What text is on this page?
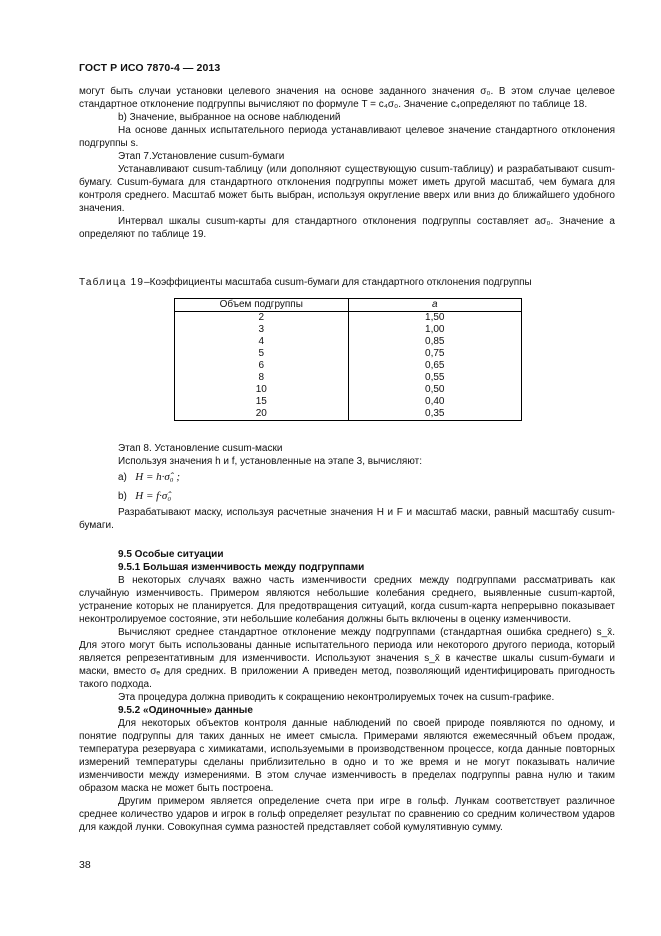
ГОСТ Р ИСО 7870-4 — 2013

могут быть случаи установки целевого значения на основе заданного значения σ₀. В этом случае целевое стандартное отклонение подгруппы вычисляют по формуле T = c₄σ₀. Значение c₄определяют по таблице 18.

b) Значение, выбранное на основе наблюдений

На основе данных испытательного периода устанавливают целевое значение стандартного отклонения подгруппы s.

Этап 7.Установление cusum-бумаги

Устанавливают cusum-таблицу (или дополняют существующую cusum-таблицу) и разрабатывают cusum-бумагу. Cusum-бумага для стандартного отклонения подгруппы может иметь другой масштаб, чем бумага для контроля среднего. Масштаб может быть выбран, используя округление вверх или вниз до ближайшего удобного значения.

Интервал шкалы cusum-карты для стандартного отклонения подгруппы составляет aσ₀. Значение a определяют по таблице 19.

Таблица 19–Коэффициенты масштаба cusum-бумаги для стандартного отклонения подгруппы
Объем подгруппы	a
2	1,50
3	1,00
4	0,85
5	0,75
6	0,65
8	0,55
10	0,50
15	0,40
20	0,35

Этап 8. Установление cusum-маски

Используя значения h и f, установленные на этапе 3, вычисляют:

a) H = h·σ̂₀ ;

b) H = f·σ̂₀

Разрабатывают маску, используя расчетные значения H и F и масштаб маски, равный масштабу cusum-бумаги.

9.5 Особые ситуации

9.5.1 Большая изменчивость между подгруппами

В некоторых случаях важно часть изменчивости средних между подгруппами рассматривать как случайную изменчивость. Примером являются небольшие колебания среднего, выявленные cusum-картой, устранение которых не планируется. Для предотвращения ситуаций, когда cusum-карта непрерывно показывает неконтролируемое состояние, эти небольшие колебания должны быть включены в оценку изменчивости.

Вычисляют среднее стандартное отклонение между подгруппами (стандартная ошибка среднего) s_x̄. Для этого могут быть использованы данные испытательного периода или некоторого другого периода, который является репрезентативным для изменчивости. Используют значения s_x̄ в качестве шкалы cusum-бумаги и маски, вместо σₑ для средних. В приложении А приведен метод, позволяющий идентифицировать пригодность такого подхода.

Эта процедура должна приводить к сокращению неконтролируемых точек на cusum-графике.

9.5.2 «Одиночные» данные

Для некоторых объектов контроля данные наблюдений по своей природе появляются по одному, и понятие подгруппы для таких данных не имеет смысла. Примерами являются ежемесячный объем продаж, температура резервуара с химикатами, используемыми в производственном процессе, когда данные повторных измерений температуры сделаны приблизительно в одно и то же время и не могут показывать наличие изменчивости между измерениями. В этом случае изменчивость в пределах подгруппы равна нулю и таким образом маска не может быть построена.

Другим примером является определение счета при игре в гольф. Лункам соответствует различное среднее количество ударов и игрок в гольф определяет результат по сравнению со средним количеством ударов для каждой лунки. Совокупная сумма разностей представляет собой кумулятивную сумму.

38
